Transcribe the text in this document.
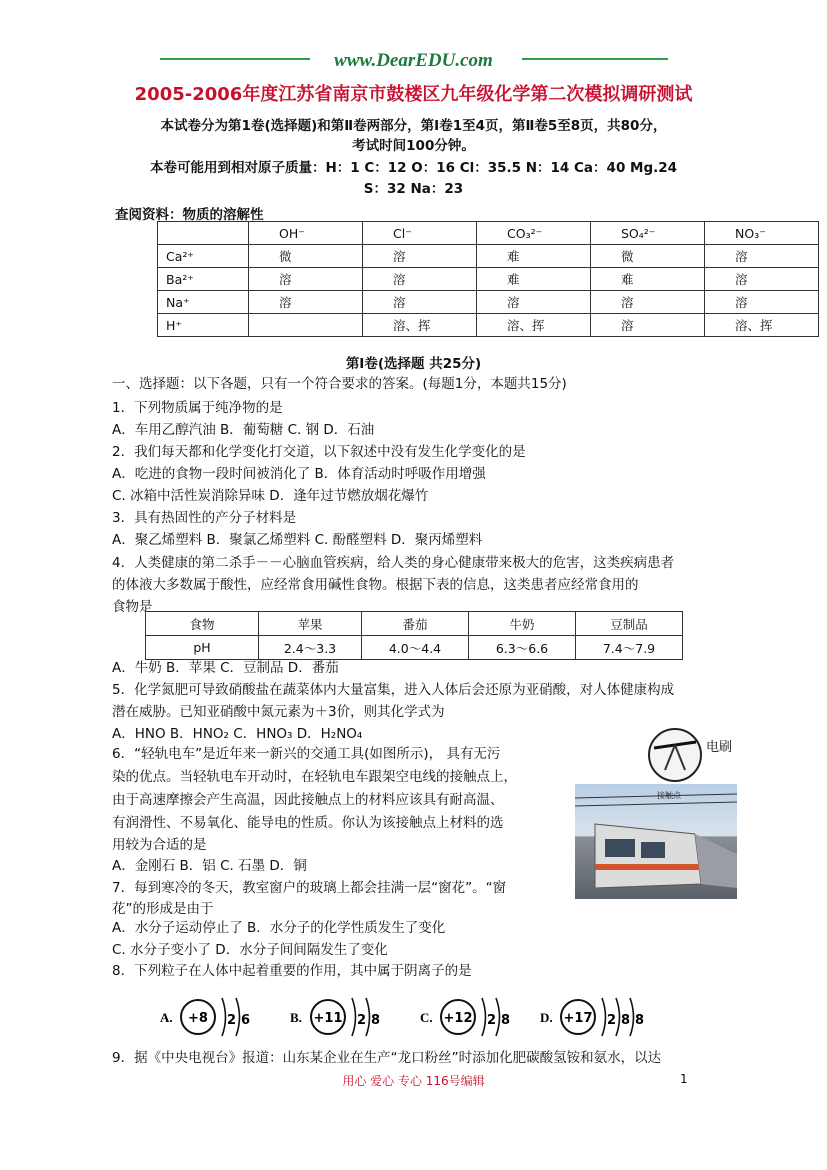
www.DearEDU.com
2005-2006年度江苏省南京市鼓楼区九年级化学第二次模拟调研测试
本试卷分为第1卷(选择题)和第Ⅱ卷两部分，第Ⅰ卷1至4页，第Ⅱ卷5至8页，共80分，
考试时间100分钟。
本卷可能用到相对原子质量：H：1 C：12 O：16 Cl：35.5 N：14 Ca：40 Mg.24
S：32 Na：23
查阅资料：物质的溶解性
	OH⁻	Cl⁻	CO₃²⁻	SO₄²⁻	NO₃⁻
Ca²⁺	微	溶	难	微	溶
Ba²⁺	溶	溶	难	难	溶
Na⁺	溶	溶	溶	溶	溶
H⁺		溶、挥	溶、挥	溶	溶、挥
第Ⅰ卷(选择题 共25分)
一、选择题：以下各题，只有一个符合要求的答案。(每题1分，本题共15分)
1．下列物质属于纯净物的是
A．车用乙醇汽油 B．葡萄糖 C. 钢 D．石油
2．我们每天都和化学变化打交道，以下叙述中没有发生化学变化的是
A．吃进的食物一段时间被消化了 B．体育活动时呼吸作用增强
C. 冰箱中活性炭消除异味 D．逢年过节燃放烟花爆竹
3．具有热固性的产分子材料是
A．聚乙烯塑料 B．聚氯乙烯塑料 C. 酚醛塑料 D．聚丙烯塑料
4．人类健康的第二杀手－－心脑血管疾病，给人类的身心健康带来极大的危害，这类疾病患者
的体液大多数属于酸性，应经常食用碱性食物。根据下表的信息，这类患者应经常食用的
食物是
食物	苹果	番茄	牛奶	豆制品
pH	2.4～3.3	4.0～4.4	6.3～6.6	7.4～7.9
A．牛奶 B．苹果 C．豆制品 D．番茄
5．化学氮肥可导致硝酸盐在蔬菜体内大量富集，进入人体后会还原为亚硝酸，对人体健康构成
潜在威胁。已知亚硝酸中氮元素为＋3价，则其化学式为
A．HNO B．HNO₂ C．HNO₃ D．H₂NO₄
6．“轻轨电车”是近年来一新兴的交通工具(如图所示)， 具有无污
染的优点。当轻轨电车开动时，在轻轨电车跟架空电线的接触点上，
由于高速摩擦会产生高温，因此接触点上的材料应该具有耐高温、
有润滑性、不易氧化、能导电的性质。你认为该接触点上材料的选
用较为合适的是
A．金刚石 B．铝 C. 石墨 D．铜
7．每到寒冷的冬天，教室窗户的玻璃上都会挂满一层“窗花”。“窗
花”的形成是由于
A．水分子运动停止了 B．水分子的化学性质发生了变化
C. 水分子变小了 D．水分子间间隔发生了变化
8．下列粒子在人体中起着重要的作用，其中属于阴离子的是
电刷
接触点
A. +8 2 6	B. +11 2 8	C. +12 2 8 D. +17 2 8 8
9．据《中央电视台》报道：山东某企业在生产“龙口粉丝”时添加化肥碳酸氢铵和氨水，以达
用心 爱心 专心 116号编辑	1
